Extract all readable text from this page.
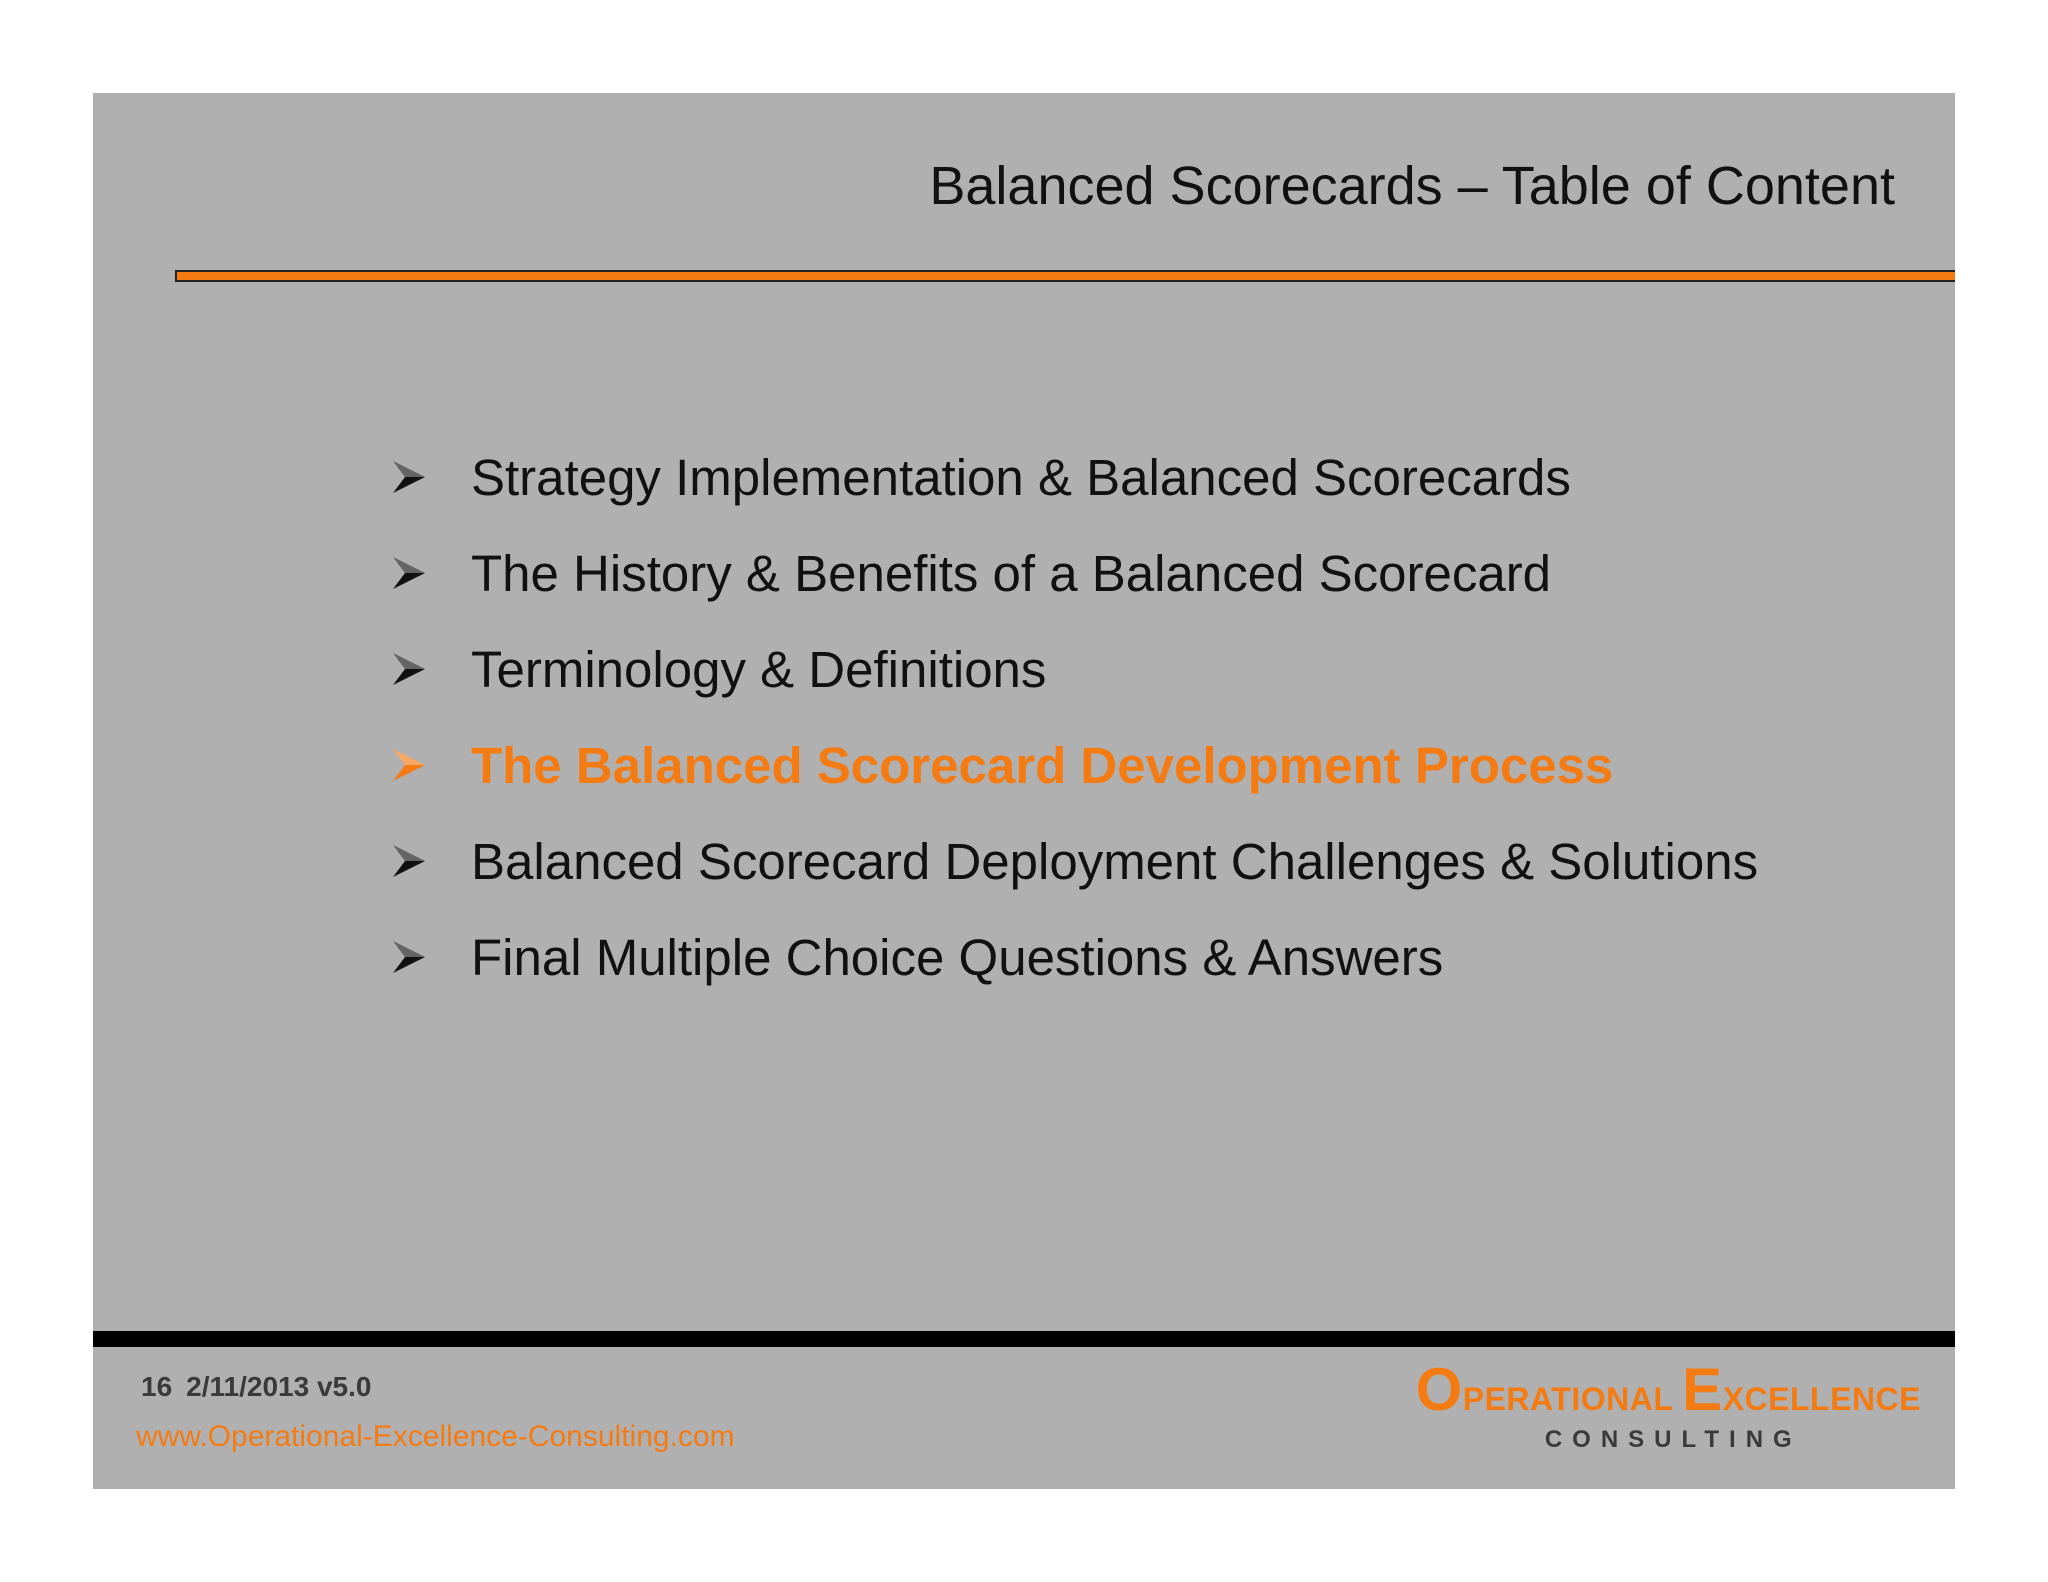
Balanced Scorecards – Table of Content
Strategy Implementation & Balanced Scorecards
The History & Benefits of a Balanced Scorecard
Terminology & Definitions
The Balanced Scorecard Development Process
Balanced Scorecard Deployment Challenges & Solutions
Final Multiple Choice Questions & Answers
16 2/11/2013 v5.0
www.Operational-Excellence-Consulting.com
OPERATIONAL EXCELLENCE
CONSULTING
